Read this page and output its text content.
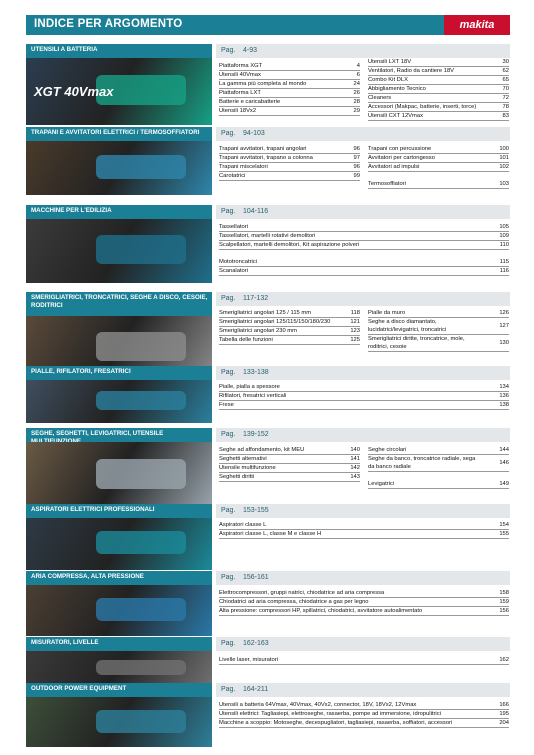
INDICE PER ARGOMENTO	makita
UTENSILI A BATTERIA
XGT 40Vmax
Pag. 4-93
Piattaforma XGT	4
Utensili 40Vmax	6
La gamma più completa al mondo	24
Piattaforma LXT	26
Batterie e caricabatterie	28
Utensili 18Vx2	29
Utensili LXT 18V	30
Ventilatori, Radio da cantiere 18V	62
Combo Kit DLX	65
Abbigliamento Tecnico	70
Cleaners	72
Accessori (Makpac, batterie, inserti, torce)	78
Utensili CXT 12Vmax	83
TRAPANI E AVVITATORI ELETTRICI / TERMOSOFFIATORI	Pag. 94-103
Trapani avvitatori, trapani angolari	96
Trapani avvitatori, trapano a colonna	97
Trapani miscelatori	96
Carotatrici	99
Trapani con percussione	100
Avvitatori per cartongesso	101
Avvitatori ad impulsi	102
Termosoffiatori	103
MACCHINE PER L'EDILIZIA	Pag. 104-116
Tassellatori	105
Tassellatori, martelli rotativi demolitori	109
Scalpellatori, martelli demolitori, Kit aspirazione polveri	110
Mototroncatrici	115
Scanalatori	116
SMERIGLIATRICI, TRONCATRICI, SEGHE A DISCO, CESOIE, RODITRICI
Pag. 117-132
Smerigliatrici angolari 125 / 115 mm	118
Smerigliatrici angolari 125/115/150/180/230	121
Smerigliatrici angolari 230 mm	123
Tabella delle funzioni	125
Pialle da muro	126
Seghe a disco diamantato, lucidatrici/levigatrici, troncatrici
127
Smerigliatrici diritte, troncatrice, mole, roditrici, cesoie
130
PIALLE, RIFILATORI, FRESATRICI	Pag. 133-138
Pialle, pialla a spessore	134
Rifilatori, fresatrici verticali	136
Frese	138
SEGHE, SEGHETTI, LEVIGATRICI, UTENSILE	Pag. 139-152
Seghe ad affondamento, kit MEU	140
Seghetti alternativi	141
Utensile multifunzione	142
Seghetti diritti	143
Seghe circolari	144
Seghe da banco, troncatrice radiale, sega da banco radiale
146
Levigatrici	149
ASPIRATORI ELETTRICI PROFESSIONALI	Pag. 153-155
Aspiratori classe L	154
Aspiratori classe L, classe M e classe H	155
ARIA COMPRESSA, ALTA PRESSIONE	Pag. 156-161
Elettrocompressori, gruppi natrici, chiodatrice ad aria compressa	158
Chiodatrici ad aria compressa, chiodatrice a gas per legno	159
Alta pressione: compressori HP, spillatrici, chiodatrici, avvitatore autoalimentato	156
MISURATORI, LIVELLE	Pag. 162-163
Livelle laser, misuratori	162
OUTDOOR POWER EQUIPMENT	Pag. 164-211
Utensili a batteria 64Vmax, 40Vmax, 40Vx2, connector, 18V, 18Vx2, 12Vmax	166
Utensili elettrici: Tagliasiepi, elettroseghe, rasaerba, pompe ad immersione, idropulitrici	195
Macchine a scoppio: Motoseghe, decespugliatori, tagliasiepi, rasaerba, soffiatori, accessori	204
